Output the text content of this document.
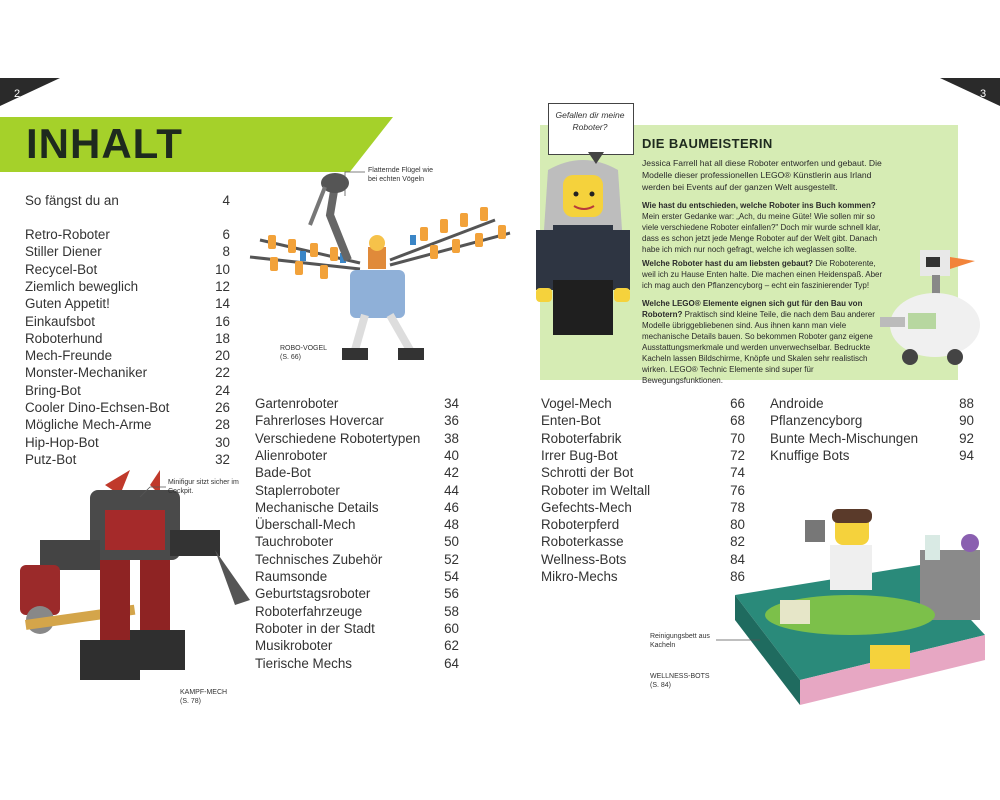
2	3
INHALT
So fängst du an	4
Retro-Roboter	6
Stiller Diener	8
Recycel-Bot	10
Ziemlich beweglich	12
Guten Appetit!	14
Einkaufsbot	16
Roboterhund	18
Mech-Freunde	20
Monster-Mechaniker	22
Bring-Bot	24
Cooler Dino-Echsen-Bot	26
Mögliche Mech-Arme	28
Hip-Hop-Bot	30
Putz-Bot	32
Gartenroboter	34
Fahrerloses Hovercar	36
Verschiedene Robotertypen 38
Alienroboter	40
Bade-Bot	42
Staplerroboter	44
Mechanische Details	46
Überschall-Mech	48
Tauchroboter	50
Technisches Zubehör	52
Raumsonde	54
Geburtstagsroboter	56
Roboterfahrzeuge	58
Roboter in der Stadt	60
Musikroboter	62
Tierische Mechs	64
Vogel-Mech	66
Enten-Bot	68
Roboterfabrik	70
Irrer Bug-Bot	72
Schrotti der Bot	74
Roboter im Weltall	76
Gefechts-Mech	78
Roboterpferd	80
Roboterkasse	82
Wellness-Bots	84
Mikro-Mechs	86
Androide	88
Pflanzencyborg	90
Bunte Mech-Mischungen	92
Knuffige Bots	94
Flatternde Flügel wie bei echten Vögeln
ROBO-VOGEL
(S. 66)
Minifigur sitzt sicher im Cockpit.
KAMPF-MECH
(S. 78)
Gefallen dir meine Roboter?
DIE BAUMEISTERIN
Jessica Farrell hat all diese Roboter entworfen und gebaut. Die Modelle dieser professionellen LEGO® Künstlerin aus Irland werden bei Events auf der ganzen Welt ausgestellt.
Wie hast du entschieden, welche Roboter ins Buch kommen? Mein erster Gedanke war: „Ach, du meine Güte! Wie sollen mir so viele verschiedene Roboter einfallen?" Doch mir wurde schnell klar, dass es schon jetzt jede Menge Roboter auf der Welt gibt. Danach habe ich mich nur noch gefragt, welche ich weglassen sollte.
Welche Roboter hast du am liebsten gebaut? Die Roboterente, weil ich zu Hause Enten halte. Die machen einen Heidenspaß. Aber ich mag auch den Pflanzencyborg – echt ein faszinierender Typ!
Welche LEGO® Elemente eignen sich gut für den Bau von Robotern? Praktisch sind kleine Teile, die nach dem Bau anderer Modelle übriggebliebenen sind. Aus ihnen kann man viele mechanische Details bauen. So bekommen Roboter ganz eigene Ausstattungsmerkmale und werden unverwechselbar. Bedruckte Kacheln lassen Bildschirme, Knöpfe und Skalen sehr realistisch wirken. LEGO® Technic Elemente sind super für Bewegungsfunktionen.
Reinigungsbett aus Kacheln
WELLNESS-BOTS
(S. 84)
